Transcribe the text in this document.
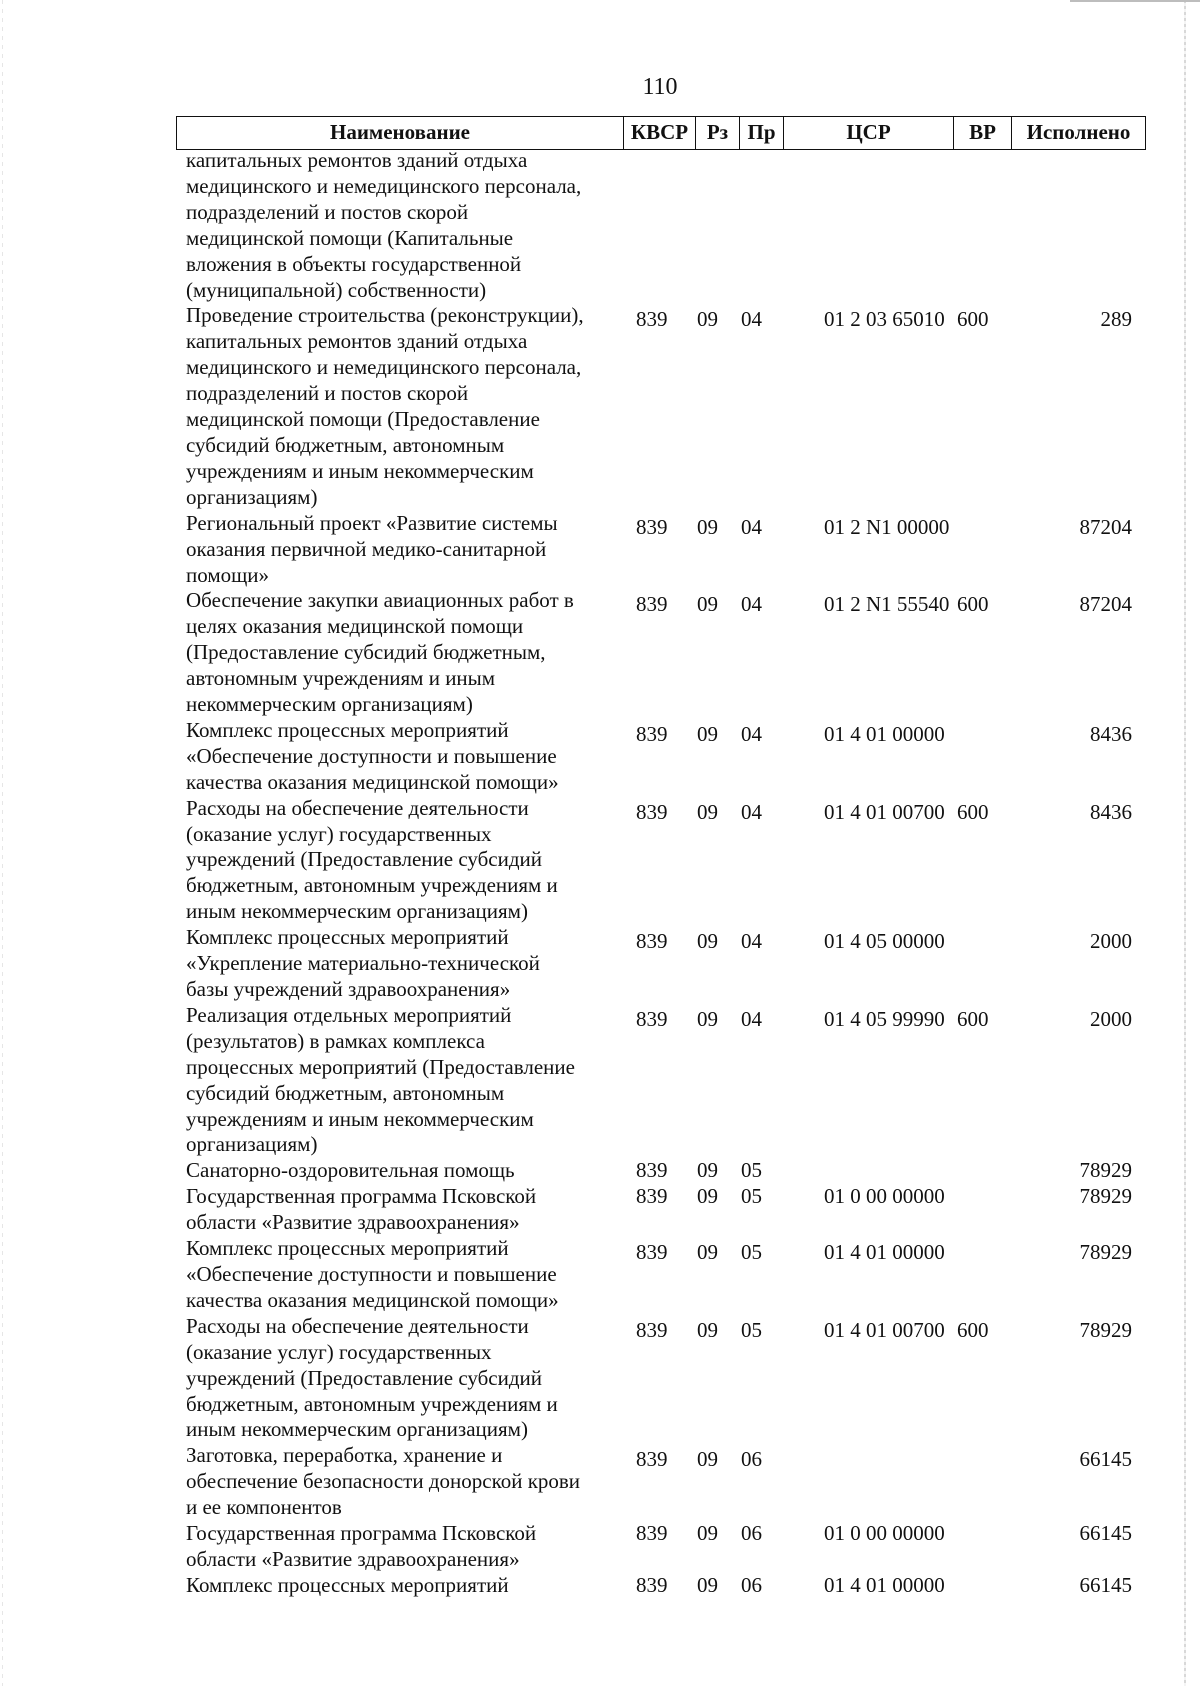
110
Наименование	КВСР Рз Пр	ЦСР	ВР	Исполнено
капитальных ремонтов зданий отдыха
медицинского и немедицинского персонала,
подразделений и постов скорой
медицинской помощи (Капитальные
вложения в объекты государственной
(муниципальной) собственности)
Проведение строительства (реконструкции),
капитальных ремонтов зданий отдыха
медицинского и немедицинского персонала,
подразделений и постов скорой
медицинской помощи (Предоставление
субсидий бюджетным, автономным
учреждениям и иным некоммерческим
организациям)
839 09 04	01 2 03 65010 600	289
Региональный проект «Развитие системы
оказания первичной медико-санитарной
помощи»
839 09 04	01 2 N1 00000	87204
Обеспечение закупки авиационных работ в
целях оказания медицинской помощи
(Предоставление субсидий бюджетным,
автономным учреждениям и иным
некоммерческим организациям)
839 09 04	01 2 N1 55540 600	87204
Комплекс процессных мероприятий
«Обеспечение доступности и повышение
качества оказания медицинской помощи»
839 09 04	01 4 01 00000	8436
Расходы на обеспечение деятельности
(оказание услуг) государственных
учреждений (Предоставление субсидий
бюджетным, автономным учреждениям и
иным некоммерческим организациям)
839 09 04	01 4 01 00700 600	8436
Комплекс процессных мероприятий
«Укрепление материально-технической
базы учреждений здравоохранения»
839 09 04	01 4 05 00000	2000
Реализация отдельных мероприятий
(результатов) в рамках комплекса
процессных мероприятий (Предоставление
субсидий бюджетным, автономным
учреждениям и иным некоммерческим
организациям)
839 09 04	01 4 05 99990 600	2000
Санаторно-оздоровительная помощь	839 09 05	78929
Государственная программа Псковской
области «Развитие здравоохранения»
839 09 05	01 0 00 00000	78929
Комплекс процессных мероприятий
«Обеспечение доступности и повышение
качества оказания медицинской помощи»
839 09 05	01 4 01 00000	78929
Расходы на обеспечение деятельности
(оказание услуг) государственных
учреждений (Предоставление субсидий
бюджетным, автономным учреждениям и
иным некоммерческим организациям)
839 09 05	01 4 01 00700 600	78929
Заготовка, переработка, хранение и
обеспечение безопасности донорской крови
и ее компонентов
839 09 06	66145
Государственная программа Псковской
области «Развитие здравоохранения»
839 09 06	01 0 00 00000	66145
Комплекс процессных мероприятий	839 09 06	01 4 01 00000	66145
